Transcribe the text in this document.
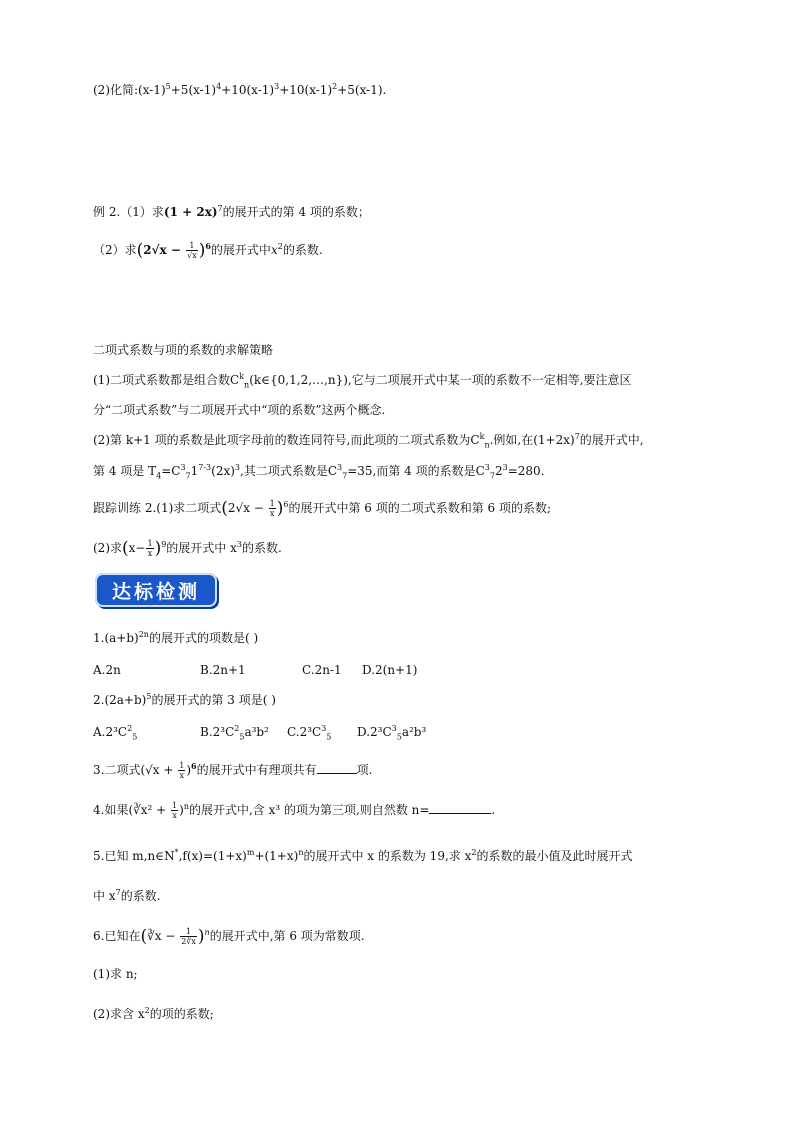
(2)化简$:(x-1)^5+5(x-1)^4+10(x-1)^3+10(x-1)^2+5(x-1)$.
例 2.（1）求$(1 + 2x)^7$的展开式的第 4 项的系数；
（2）求$(2√x - \frac{1}{√x} )^6$的展开式中$x^2$的系数.
二项式系数与项的系数的求解策略
(1)二项式系数都是组合数$C^k_n(k\in\{0,1,2,\dots,n\})$,它与二项展开式中某一项的系数不一定相等,要注意区
分“二项式系数”与二项展开式中“项的系数”这两个概念.
(2)第 k+1 项的系数是此项字母前的数连同符号,而此项的二项式系数为$C^k_n$.例如,在$(1+2x)^7$的展开式中,
第 4 项是 $T_4=C^3_71^{7-3}(2x)^3$,其二项式系数是$C^3_7=35$,而第 4 项的系数是$C^3_72^3=280$.
跟踪训练 2.(1)求二项式$(2√x - \frac{1}{x} )^6$的展开式中第 6 项的二项式系数和第 6 项的系数;
(2)求$(x- \frac{1}{x} )^9$的展开式中 $x^3$的系数.
达标检测
$1.(a+b)^{2n}$的展开式的项数是( )
A.2n	B.2n+1	C.2n-1 D.2(n+1)
$2.(2a+b)^5$的展开式的第 3 项是( )
$A.2^3C^2_5$	$B.2^3C^2_5a^3b^2$ $C.2^3C^3_5$ $D.2^3C^3_5a^2b^3$
3.二项式$(√x + \frac{1}{x} )^6$的展开式中有理项共有	项.
4.如果(∛x² + $\frac{1}{x} )^n$的展开式中,含 x³ 的项为第三项,则自然数 n=	.
5.已知 $m,n\in N^*,f(x)=(1+x)^m+(1+x)^n$的展开式中 x 的系数为 19,求 $x^2$的系数的最小值及此时展开式
中 $x^7$的系数.
6.已知在(∛x − $\frac{1}{2∛x} )^n$的展开式中,第 6 项为常数项.
(1)求 n;
(2)求含 $x^2$的项的系数;
